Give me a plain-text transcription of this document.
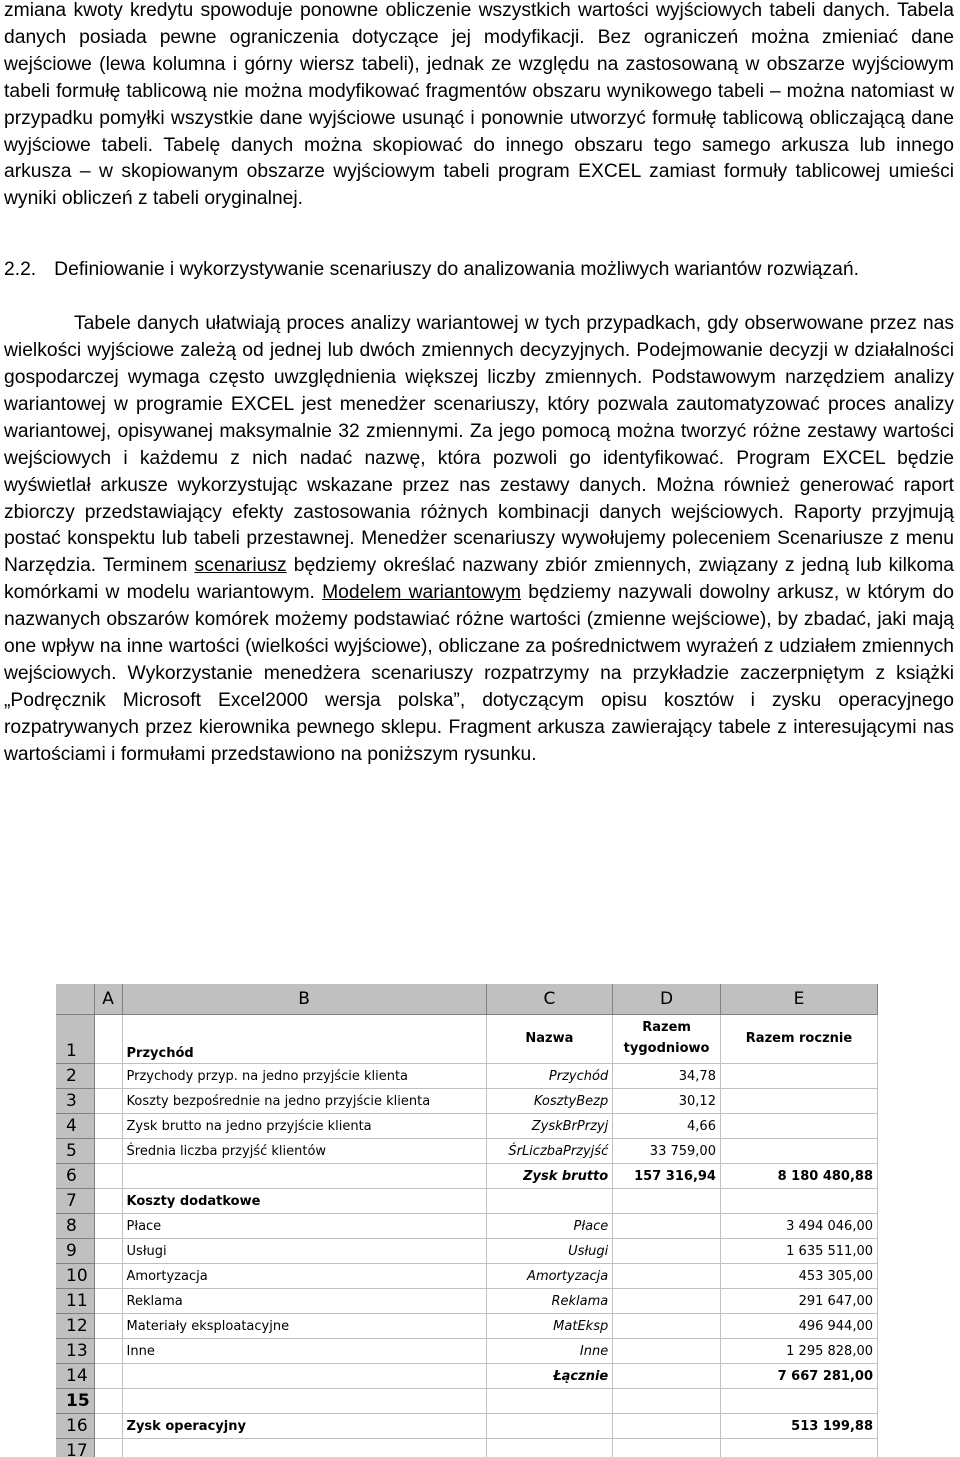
zmiana kwoty kredytu spowoduje ponowne obliczenie wszystkich wartości wyjściowych tabeli danych. Tabela danych posiada pewne ograniczenia dotyczące jej modyfikacji. Bez ograniczeń można zmieniać dane wejściowe (lewa kolumna i górny wiersz tabeli), jednak ze względu na zastosowaną w obszarze wyjściowym tabeli formułę tablicową nie można modyfikować fragmentów obszaru wynikowego tabeli – można natomiast w przypadku pomyłki wszystkie dane wyjściowe usunąć i ponownie utworzyć formułę tablicową obliczającą dane wyjściowe tabeli. Tabelę danych można skopiować do innego obszaru tego samego arkusza lub innego arkusza – w skopiowanym obszarze wyjściowym tabeli program EXCEL zamiast formuły tablicowej umieści wyniki obliczeń z tabeli oryginalnej.

2.2. Definiowanie i wykorzystywanie scenariuszy do analizowania możliwych wariantów rozwiązań.

Tabele danych ułatwiają proces analizy wariantowej w tych przypadkach, gdy obserwowane przez nas wielkości wyjściowe zależą od jednej lub dwóch zmiennych decyzyjnych. Podejmowanie decyzji w działalności gospodarczej wymaga często uwzględnienia większej liczby zmiennych. Podstawowym narzędziem analizy wariantowej w programie EXCEL jest menedżer scenariuszy, który pozwala zautomatyzować proces analizy wariantowej, opisywanej maksymalnie 32 zmiennymi. Za jego pomocą można tworzyć różne zestawy wartości wejściowych i każdemu z nich nadać nazwę, która pozwoli go identyfikować. Program EXCEL będzie wyświetlał arkusze wykorzystując wskazane przez nas zestawy danych. Można również generować raport zbiorczy przedstawiający efekty zastosowania różnych kombinacji danych wejściowych. Raporty przyjmują postać konspektu lub tabeli przestawnej. Menedżer scenariuszy wywołujemy poleceniem Scenariusze z menu Narzędzia. Terminem scenariusz będziemy określać nazwany zbiór zmiennych, związany z jedną lub kilkoma komórkami w modelu wariantowym. Modelem wariantowym będziemy nazywali dowolny arkusz, w którym do nazwanych obszarów komórek możemy podstawiać różne wartości (zmienne wejściowe), by zbadać, jaki mają one wpływ na inne wartości (wielkości wyjściowe), obliczane za pośrednictwem wyrażeń z udziałem zmiennych wejściowych. Wykorzystanie menedżera scenariuszy rozpatrzymy na przykładzie zaczerpniętym z książki „Podręcznik Microsoft Excel2000 wersja polska”, dotyczącym opisu kosztów i zysku operacyjnego rozpatrywanych przez kierownika pewnego sklepu. Fragment arkusza zawierający tabele z interesującymi nas wartościami i formułami przedstawiono na poniższym rysunku.

	A	B	C	D	E
1		Przychód	Nazwa	Razem tygodniowo	Razem rocznie
2		Przychody przyp. na jedno przyjście klienta	Przychód	34,78	
3		Koszty bezpośrednie na jedno przyjście klienta	KosztyBezp	30,12	
4		Zysk brutto na jedno przyjście klienta	ZyskBrPrzyj	4,66	
5		Średnia liczba przyjść klientów	ŚrLiczbaPrzyjść	33 759,00	
6			Zysk brutto	157 316,94	8 180 480,88
7		Koszty dodatkowe			
8		Płace	Płace		3 494 046,00
9		Usługi	Usługi		1 635 511,00
10		Amortyzacja	Amortyzacja		453 305,00
11		Reklama	Reklama		291 647,00
12		Materiały eksploatacyjne	MatEksp		496 944,00
13		Inne	Inne		1 295 828,00
14			Łącznie		7 667 281,00
15					
16		Zysk operacyjny			513 199,88
17					
